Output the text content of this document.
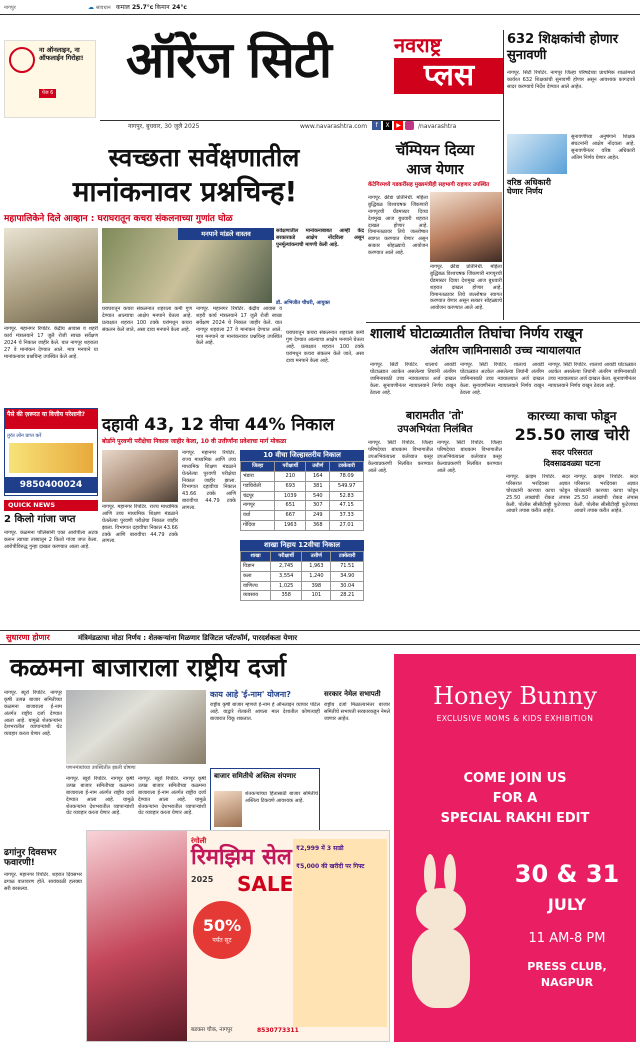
नागपुर	☁ सावधान कमाल 25.7°c किमान 24°c
ना ऑनलाइन, ना ऑफलाईन गिरोहा!
पेज 6
ऑरेंज सिटी	नवराष्ट्र
प्लस
नागपुर, बुधवार, 30 जुलै 2025	www.navarashtra.com	f	X	▶	/navarashtra
632 शिक्षकांची होणार सुनावणी
नागपूर. सिटी रिपोर्टर. नागपूर जिल्हा परिषदेच्या प्राथमिक शाळांमध्ये कार्यरत 632 शिक्षकांची सुनावणी होणार असून आवश्यक कागदपत्रे सादर करण्याचे निर्देश देण्यात आले आहेत.
वरिष्ठ अधिकारी घेणार निर्णय
सुनावणीच्या अनुषंगाने शिक्षक संघटनांनी आक्षेप नोंदवला आहे. सुनावणीनंतर वरिष्ठ अधिकारी अंतिम निर्णय घेणार आहेत.
स्वच्छता सर्वेक्षणातील
मानांकनावर प्रश्नचिन्ह!
महापालिकेने दिले आव्हान : घराघरातून कचरा संकलनाच्या गुणांत घोळ
नागपूर. महानगर रिपोर्टर. केंद्रीय आवास व शहरी कार्य मंत्रालयाने 17 जुलै रोजी स्वच्छ सर्वेक्षण 2024 चे निकाल जाहीर केले. यात नागपूर शहराला 27 वे मानांकन देण्यात आले. मात्र मनपाने या मानांकनावर प्रश्नचिन्ह उपस्थित केले आहे.
मनपाने मांडले वास्तव
घराघरातून कचरा संकलनात शहराला कमी गुण देण्यात आल्याचा आक्षेप मनपाने घेतला आहे. प्रत्यक्षात शहरात 100 टक्के घरांमधून कचरा संकलन केले जाते, असा दावा मनपाने केला आहे.
नागपूर. महानगर रिपोर्टर. केंद्रीय आवास व शहरी कार्य मंत्रालयाने 17 जुलै रोजी स्वच्छ सर्वेक्षण 2024 चे निकाल जाहीर केले. यात नागपूर शहराला 27 वे मानांकन देण्यात आले. मात्र मनपाने या मानांकनावर प्रश्नचिन्ह उपस्थित केले आहे.
सर्वेक्षणातील मानांकनाबाबत आम्ही केंद्र सरकारकडे आक्षेप नोंदविला असून पुनर्मूल्यांकनाची मागणी केली आहे.
डॉ. अभिजीत चौधरी, आयुक्त
घराघरातून कचरा संकलनात शहराला कमी गुण देण्यात आल्याचा आक्षेप मनपाने घेतला आहे. प्रत्यक्षात शहरात 100 टक्के घरांमधून कचरा संकलन केले जाते, असा दावा मनपाने केला आहे.
चॅम्पियन दिव्या
आज येणार
कॅटेगिरमध्ये गडकरींसह मुख्यमंत्रीही सहभागी राहणार उपस्थित
नागपूर. क्रीडा प्रतिनिधी. महिला बुद्धिबळ विश्वचषक जिंकणारी नागपूरची ग्रँडमास्टर दिव्या देशमुख आज बुधवारी शहरात दाखल होणार आहे. विमानतळावर तिचे जल्लोषात स्वागत करण्यात येणार असून सत्कार सोहळ्याचे आयोजन करण्यात आले आहे.
नागपूर. क्रीडा प्रतिनिधी. महिला बुद्धिबळ विश्वचषक जिंकणारी नागपूरची ग्रँडमास्टर दिव्या देशमुख आज बुधवारी शहरात दाखल होणार आहे. विमानतळावर तिचे जल्लोषात स्वागत करण्यात येणार असून सत्कार सोहळ्याचे आयोजन करण्यात आले आहे.
शालार्थ घोटाळ्यातील तिघांचा निर्णय राखून
अंतरिम जामिनासाठी उच्च न्यायालयात
नागपूर. सिटी रिपोर्टर. शालार्थ आयडी घोटाळ्यात अटकेत असलेल्या तिघांनी अंतरिम जामिनासाठी उच्च न्यायालयात अर्ज दाखल केला. सुनावणीनंतर न्यायालयाने निर्णय राखून ठेवला आहे.
नागपूर. सिटी रिपोर्टर. शालार्थ आयडी घोटाळ्यात अटकेत असलेल्या तिघांनी अंतरिम जामिनासाठी उच्च न्यायालयात अर्ज दाखल केला. सुनावणीनंतर न्यायालयाने निर्णय राखून ठेवला आहे.
नागपूर. सिटी रिपोर्टर. शालार्थ आयडी घोटाळ्यात अटकेत असलेल्या तिघांनी अंतरिम जामिनासाठी उच्च न्यायालयात अर्ज दाखल केला. सुनावणीनंतर न्यायालयाने निर्णय राखून ठेवला आहे.
पैसे की ज़रूरत या वित्तीय परेशानी?
तुरंत लोन प्राप्त करें
9850400024
QUICK NEWS
2 किलो गांजा जप्त
नागपूर. कळमना पोलिसांनी एका आरोपीला अटक करून त्याच्या ताब्यातून 2 किलो गांजा जप्त केला. आरोपीविरुद्ध गुन्हा दाखल करण्यात आला आहे.
दहावी 43, 12 वीचा 44% निकाल
बोर्डाने पुरवणी परीक्षेचा निकाल जाहीर केला, 10 वी उत्तीर्णांना प्रवेशाचा मार्ग मोकळा
नागपूर. महानगर रिपोर्टर. राज्य माध्यमिक आणि उच्च माध्यमिक शिक्षण मंडळाने घेतलेल्या पुरवणी परीक्षेचा निकाल जाहीर झाला. विभागात दहावीचा निकाल 43.66 टक्के आणि बारावीचा 44.79 टक्के लागला.
नागपूर. महानगर रिपोर्टर. राज्य माध्यमिक आणि उच्च माध्यमिक शिक्षण मंडळाने घेतलेल्या पुरवणी परीक्षेचा निकाल जाहीर झाला. विभागात दहावीचा निकाल 43.66 टक्के आणि बारावीचा 44.79 टक्के लागला.
10 वीचा जिल्हास्तरीय निकाल
जिल्हा	परीक्षार्थी	उत्तीर्ण	टक्केवारी
भंडारा	210	164	78.09
गडचिरोली	693	381	549.97
चंद्रपूर	1039	540	52.83
नागपूर	651	307	47.15
वर्धा	667	249	37.33
गोंदिया	1963	368	27.01
शाखा निहाय 12वीचा निकाल
शाखा	परीक्षार्थी	उत्तीर्ण	टक्केवारी
विज्ञान	2,745	1,963	71.51
कला	3,554	1,240	34.90
वाणिज्य	1,025	398	30.04
व्यवसाय	358	101	28.21
बारामतीत 'तो'
उपअभियंता निलंबित
नागपूर. सिटी रिपोर्टर. जिल्हा परिषदेच्या बांधकाम विभागातील उपअभियंत्याला कर्तव्यात कसूर केल्याप्रकरणी निलंबित करण्यात आले आहे.
नागपूर. सिटी रिपोर्टर. जिल्हा परिषदेच्या बांधकाम विभागातील उपअभियंत्याला कर्तव्यात कसूर केल्याप्रकरणी निलंबित करण्यात आले आहे.
कारच्या काचा फोडून
25.50 लाख चोरी
सदर परिसरात
दिवसाढवळ्या घटना
नागपूर. क्राइम रिपोर्टर. सदर परिसरात भरदिवसा अज्ञात चोरट्यांनी कारच्या काचा फोडून 25.50 लाखांची रोकड लंपास केली. पोलीस सीसीटीव्ही फुटेजच्या आधारे तपास करीत आहेत.
नागपूर. क्राइम रिपोर्टर. सदर परिसरात भरदिवसा अज्ञात चोरट्यांनी कारच्या काचा फोडून 25.50 लाखांची रोकड लंपास केली. पोलीस सीसीटीव्ही फुटेजच्या आधारे तपास करीत आहेत.
सुधारणा होणार	मंत्रिमंडळाचा मोठा निर्णय : शेतकऱ्यांना मिळणार डिजिटल प्लॅटफॉर्म, पारदर्शकता येणार
कळमना बाजाराला राष्ट्रीय दर्जा
नागपूर. ब्यूरो रिपोर्टर. नागपूर कृषी उत्पन्न बाजार समितीच्या कळमना बाजाराला ई-नाम अंतर्गत राष्ट्रीय दर्जा देण्यात आला आहे. यामुळे शेतकऱ्यांना देशभरातील व्यापाऱ्यांशी थेट व्यवहार करता येणार आहे.
पणनमंत्र्यांच्या उपस्थितीत झाली घोषणा
नागपूर. ब्यूरो रिपोर्टर. नागपूर कृषी उत्पन्न बाजार समितीच्या कळमना बाजाराला ई-नाम अंतर्गत राष्ट्रीय दर्जा देण्यात आला आहे. यामुळे शेतकऱ्यांना देशभरातील व्यापाऱ्यांशी थेट व्यवहार करता येणार आहे.
नागपूर. ब्यूरो रिपोर्टर. नागपूर कृषी उत्पन्न बाजार समितीच्या कळमना बाजाराला ई-नाम अंतर्गत राष्ट्रीय दर्जा देण्यात आला आहे. यामुळे शेतकऱ्यांना देशभरातील व्यापाऱ्यांशी थेट व्यवहार करता येणार आहे.
काय आहे 'ई-नाम' योजना?
राष्ट्रीय कृषी बाजार म्हणजे ई-नाम हे ऑनलाइन व्यापार पोर्टल आहे. याद्वारे शेतकरी आपला माल देशातील कोणत्याही बाजारात विकू शकतात.
बाजार समितीचे अस्तित्व संपणार
शेतकऱ्यांच्या हितासाठी बाजार समितीचे अस्तित्व टिकवणे आवश्यक आहे.
सरकार नेमेल सभापती
राष्ट्रीय दर्जा मिळाल्यानंतर बाजार समितीचे सभापती सरकारकडून नेमले जाणार आहेत.
ढगांनुर दिवसभर फवारणी!
नागपूर. महानगर रिपोर्टर. शहरात दिवसभर ढगाळ वातावरण होते. सायंकाळी हलक्या सरी बरसल्या.
रंगोली
रिमझिम सेल
2025 SALE
50%
पर्यंत सूट
₹2,999 में 3 साडी
₹5,000 की खरीदी पर गिफ्ट
बडकस चौक, नागपुर	8530773311
Honey Bunny
EXCLUSIVE MOMS & KIDS EXHIBITION
COME JOIN US
FOR A
SPECIAL RAKHI EDIT
30 & 31
JULY
11 AM-8 PM
PRESS CLUB,
NAGPUR
